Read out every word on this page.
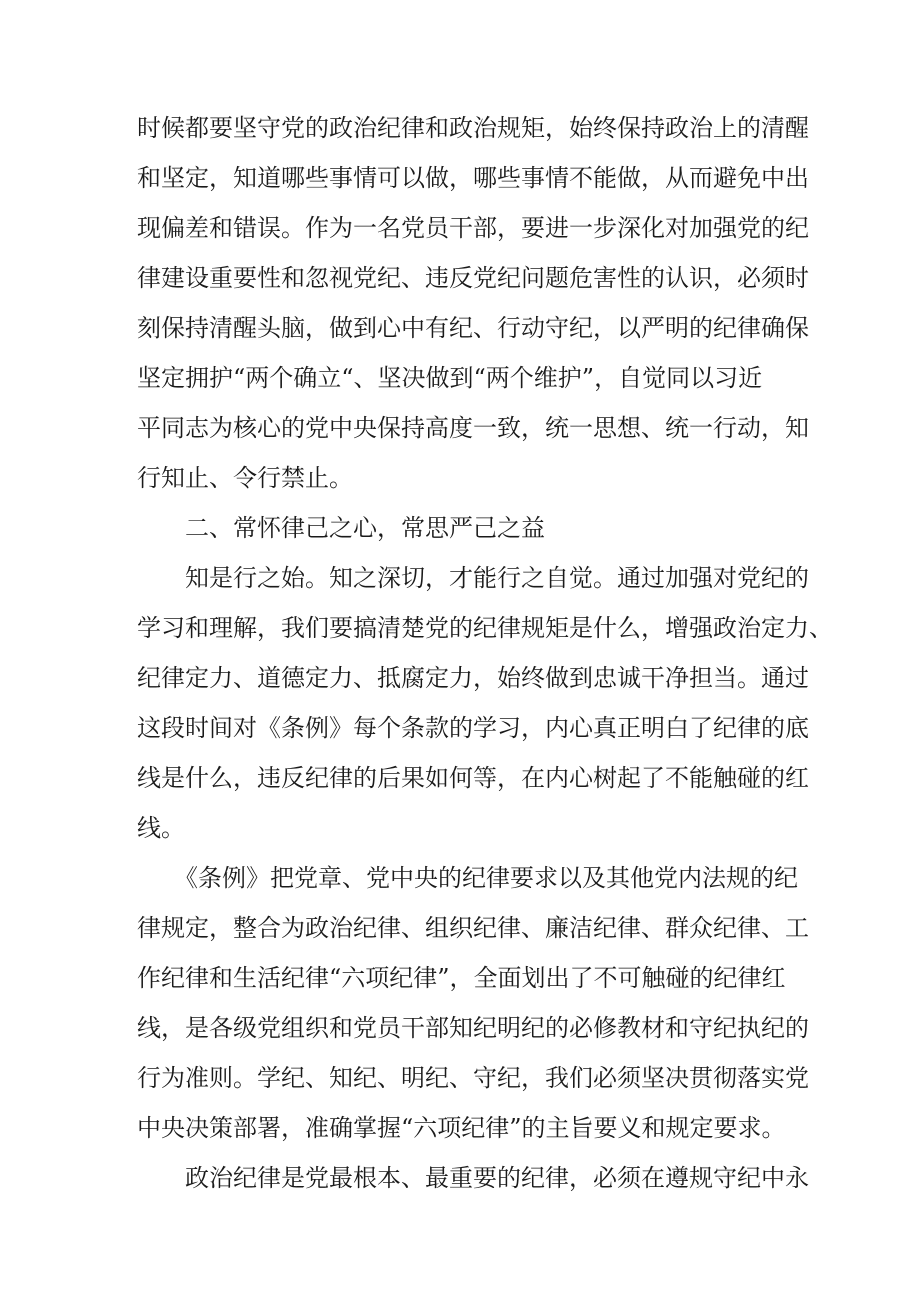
时候都要坚守党的政治纪律和政治规矩，始终保持政治上的清醒
和坚定，知道哪些事情可以做，哪些事情不能做，从而避免中出
现偏差和错误。作为一名党员干部，要进一步深化对加强党的纪
律建设重要性和忽视党纪、违反党纪问题危害性的认识，必须时
刻保持清醒头脑，做到心中有纪、行动守纪，以严明的纪律确保
坚定拥护“两个确立“、坚决做到“两个维护”，自觉同以习近
平同志为核心的党中央保持高度一致，统一思想、统一行动，知
行知止、令行禁止。
二、常怀律己之心，常思严己之益
知是行之始。知之深切，才能行之自觉。通过加强对党纪的
学习和理解，我们要搞清楚党的纪律规矩是什么，增强政治定力、
纪律定力、道德定力、抵腐定力，始终做到忠诚干净担当。通过
这段时间对《条例》每个条款的学习，内心真正明白了纪律的底
线是什么，违反纪律的后果如何等，在内心树起了不能触碰的红
线。
《条例》把党章、党中央的纪律要求以及其他党内法规的纪
律规定，整合为政治纪律、组织纪律、廉洁纪律、群众纪律、工
作纪律和生活纪律“六项纪律”，全面划出了不可触碰的纪律红
线，是各级党组织和党员干部知纪明纪的必修教材和守纪执纪的
行为准则。学纪、知纪、明纪、守纪，我们必须坚决贯彻落实党
中央决策部署，准确掌握“六项纪律”的主旨要义和规定要求。
政治纪律是党最根本、最重要的纪律，必须在遵规守纪中永
